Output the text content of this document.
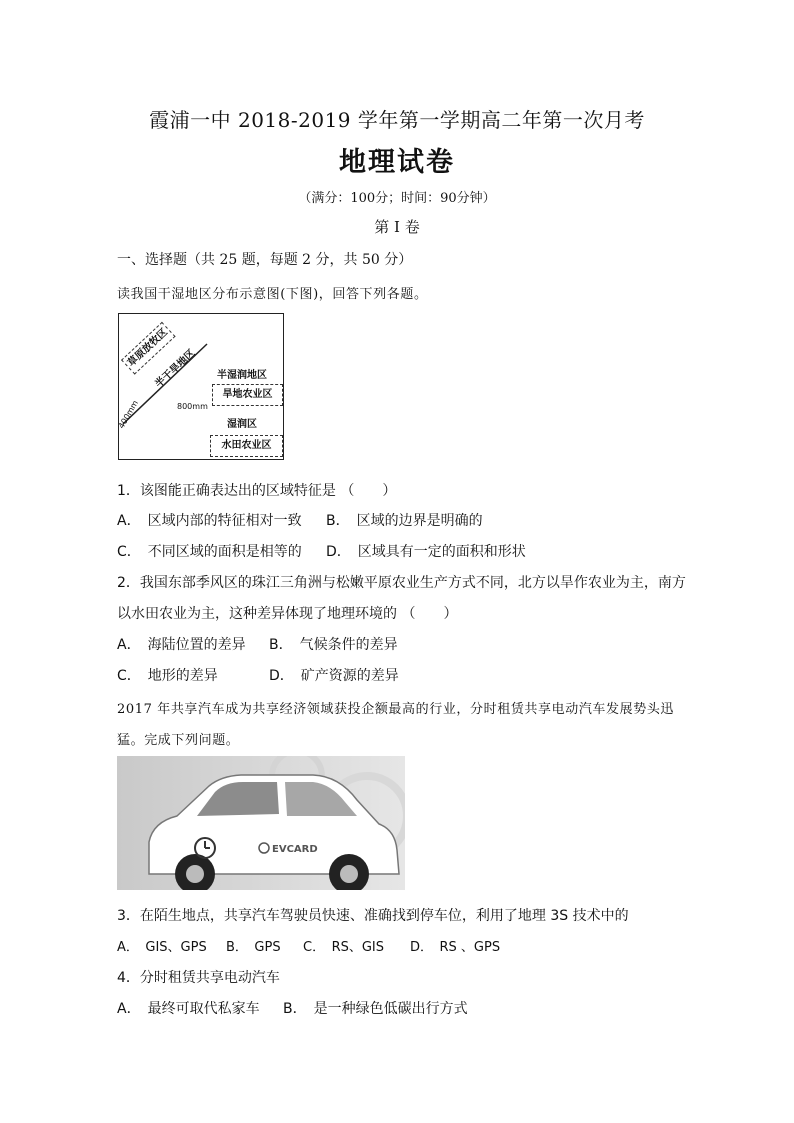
霞浦一中 2018-2019 学年第一学期高二年第一次月考
地理试卷
（满分：100分；时间：90分钟）
第 I 卷
一、选择题（共 25 题，每题 2 分，共 50 分）
读我国干湿地区分布示意图(下图)，回答下列各题。
草原放牧区
半干旱地区
400mm
半湿润地区
旱地农业区
800mm
湿润区
水田农业区
1．该图能正确表达出的区域特征是 （　　）
A．　区域内部的特征相对一致 B．　区域的边界是明确的
C．　不同区域的面积是相等的 D．　区域具有一定的面积和形状
2．我国东部季风区的珠江三角洲与松嫩平原农业生产方式不同，北方以旱作农业为主，南方
以水田农业为主，这种差异体现了地理环境的 （　　）
A．　海陆位置的差异 B．　气候条件的差异
C．　地形的差异	D．　矿产资源的差异
2017 年共享汽车成为共享经济领域获投企额最高的行业，分时租赁共享电动汽车发展势头迅
猛。完成下列问题。
EVCARD
3．在陌生地点，共享汽车驾驶员快速、准确找到停车位，利用了地理 3S 技术中的
A．　GIS、GPS B．　GPS C．　RS、GIS D．　RS 、GPS
4．分时租赁共享电动汽车
A．　最终可取代私家车 B．　是一种绿色低碳出行方式
